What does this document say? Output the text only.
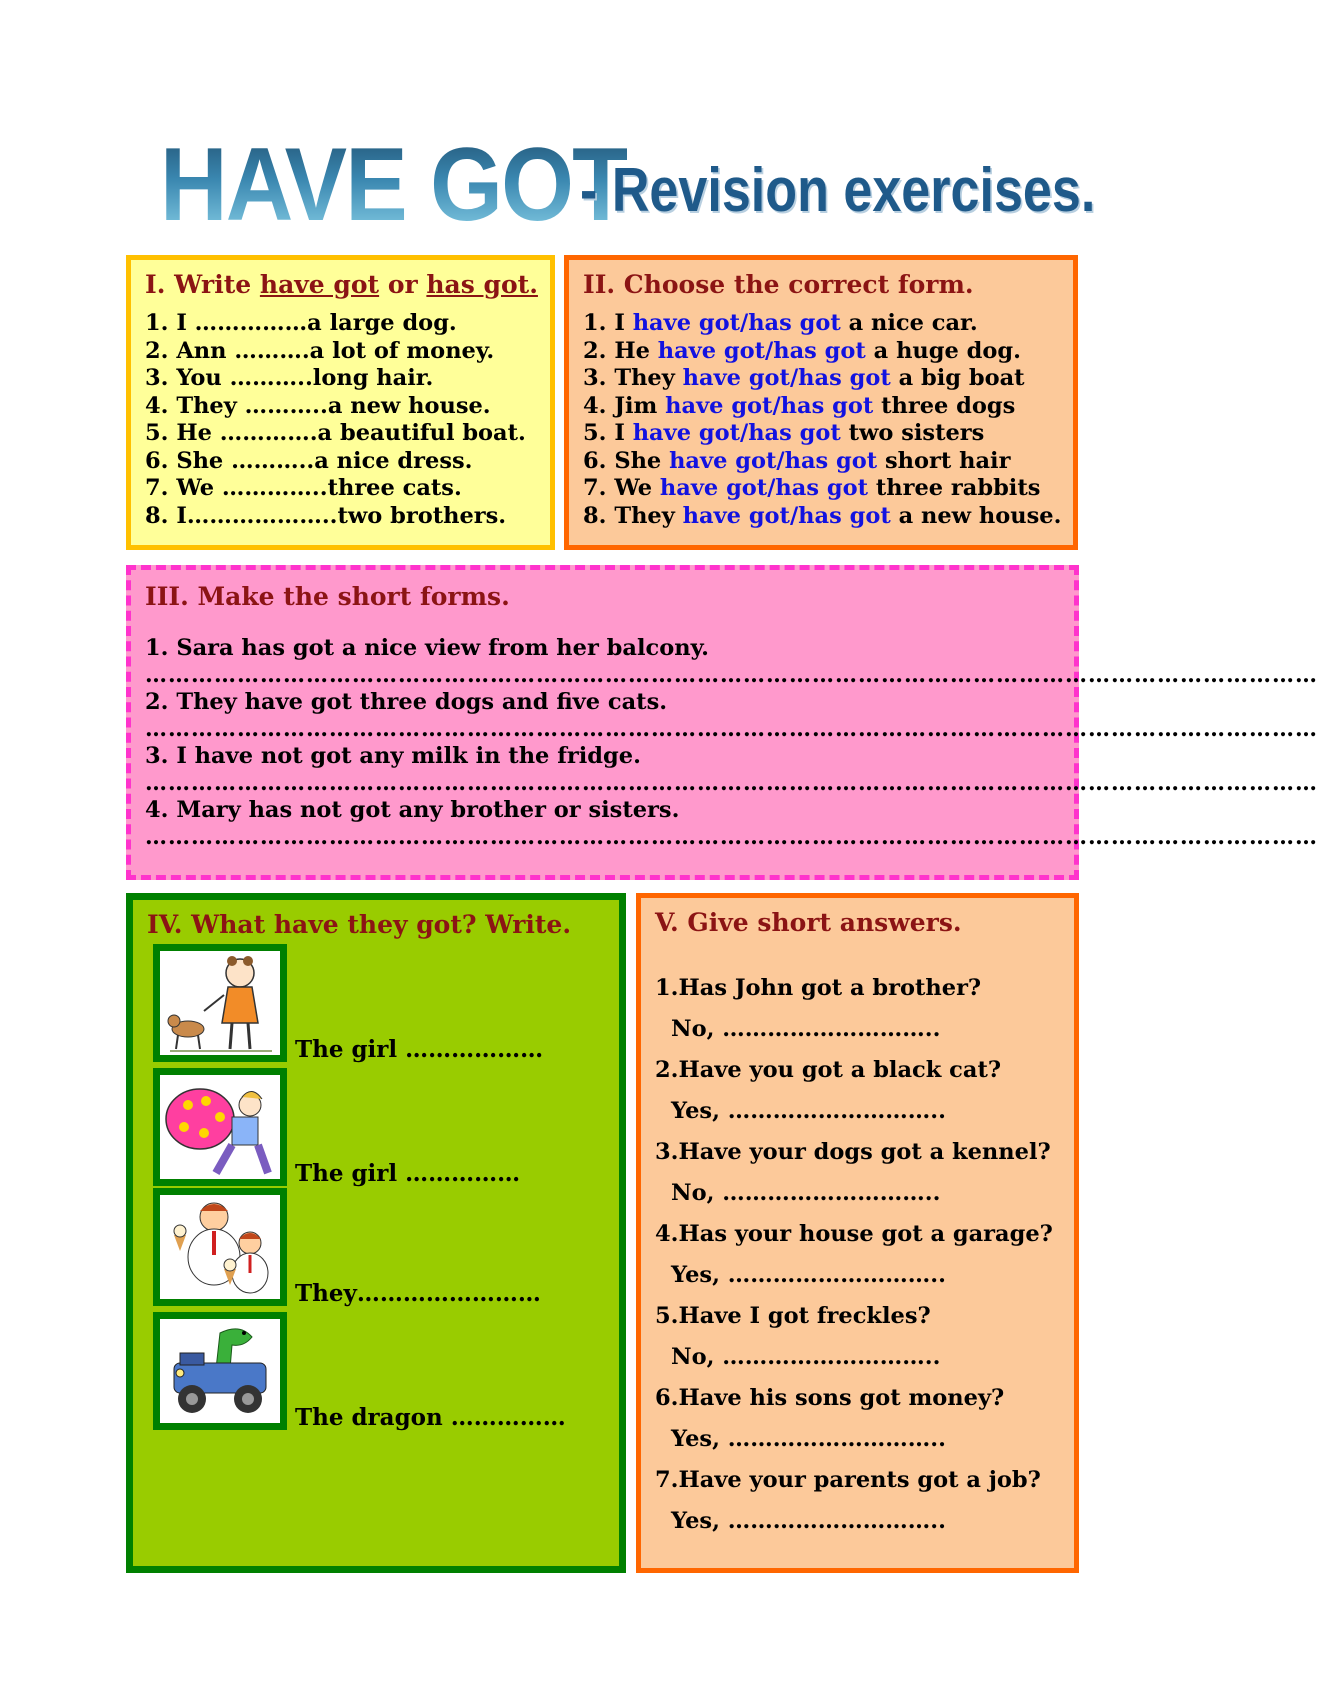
HAVE GOT
- Revision exercises.
I. Write have got or has got.
1. I ……………a large dog.
2. Ann ……….a lot of money.
3. You ………..long hair.
4. They ………..a new house.
5. He ………….a beautiful boat.
6. She ………..a nice dress.
7. We …………..three cats.
8. I………………..two brothers.
II. Choose the correct form.
1. I have got/has got a nice car.
2. He have got/has got a huge dog.
3. They have got/has got a big boat
4. Jim have got/has got three dogs
5. I have got/has got two sisters
6. She have got/has got short hair
7. We have got/has got three rabbits
8. They have got/has got a new house.
III. Make the short forms.
1. Sara has got a nice view from her balcony.
………………………………………………………………………………………………………………………………………
2. They have got three dogs and five cats.
………………………………………………………………………………………………………………………………………
3. I have not got any milk in the fridge.
………………………………………………………………………………………………………………………………………
4. Mary has not got any brother or sisters.
………………………………………………………………………………………………………………………………………
IV. What have they got? Write.
The girl ………………
The girl ……………
They……………………
The dragon ……………
V. Give short answers.
1.Has John got a brother?
No, ………………………..
2.Have you got a black cat?
Yes, ………………………..
3.Have your dogs got a kennel?
No, ………………………..
4.Has your house got a garage?
Yes, ………………………..
5.Have I got freckles?
No, ………………………..
6.Have his sons got money?
Yes, ………………………..
7.Have your parents got a job?
Yes, ………………………..
